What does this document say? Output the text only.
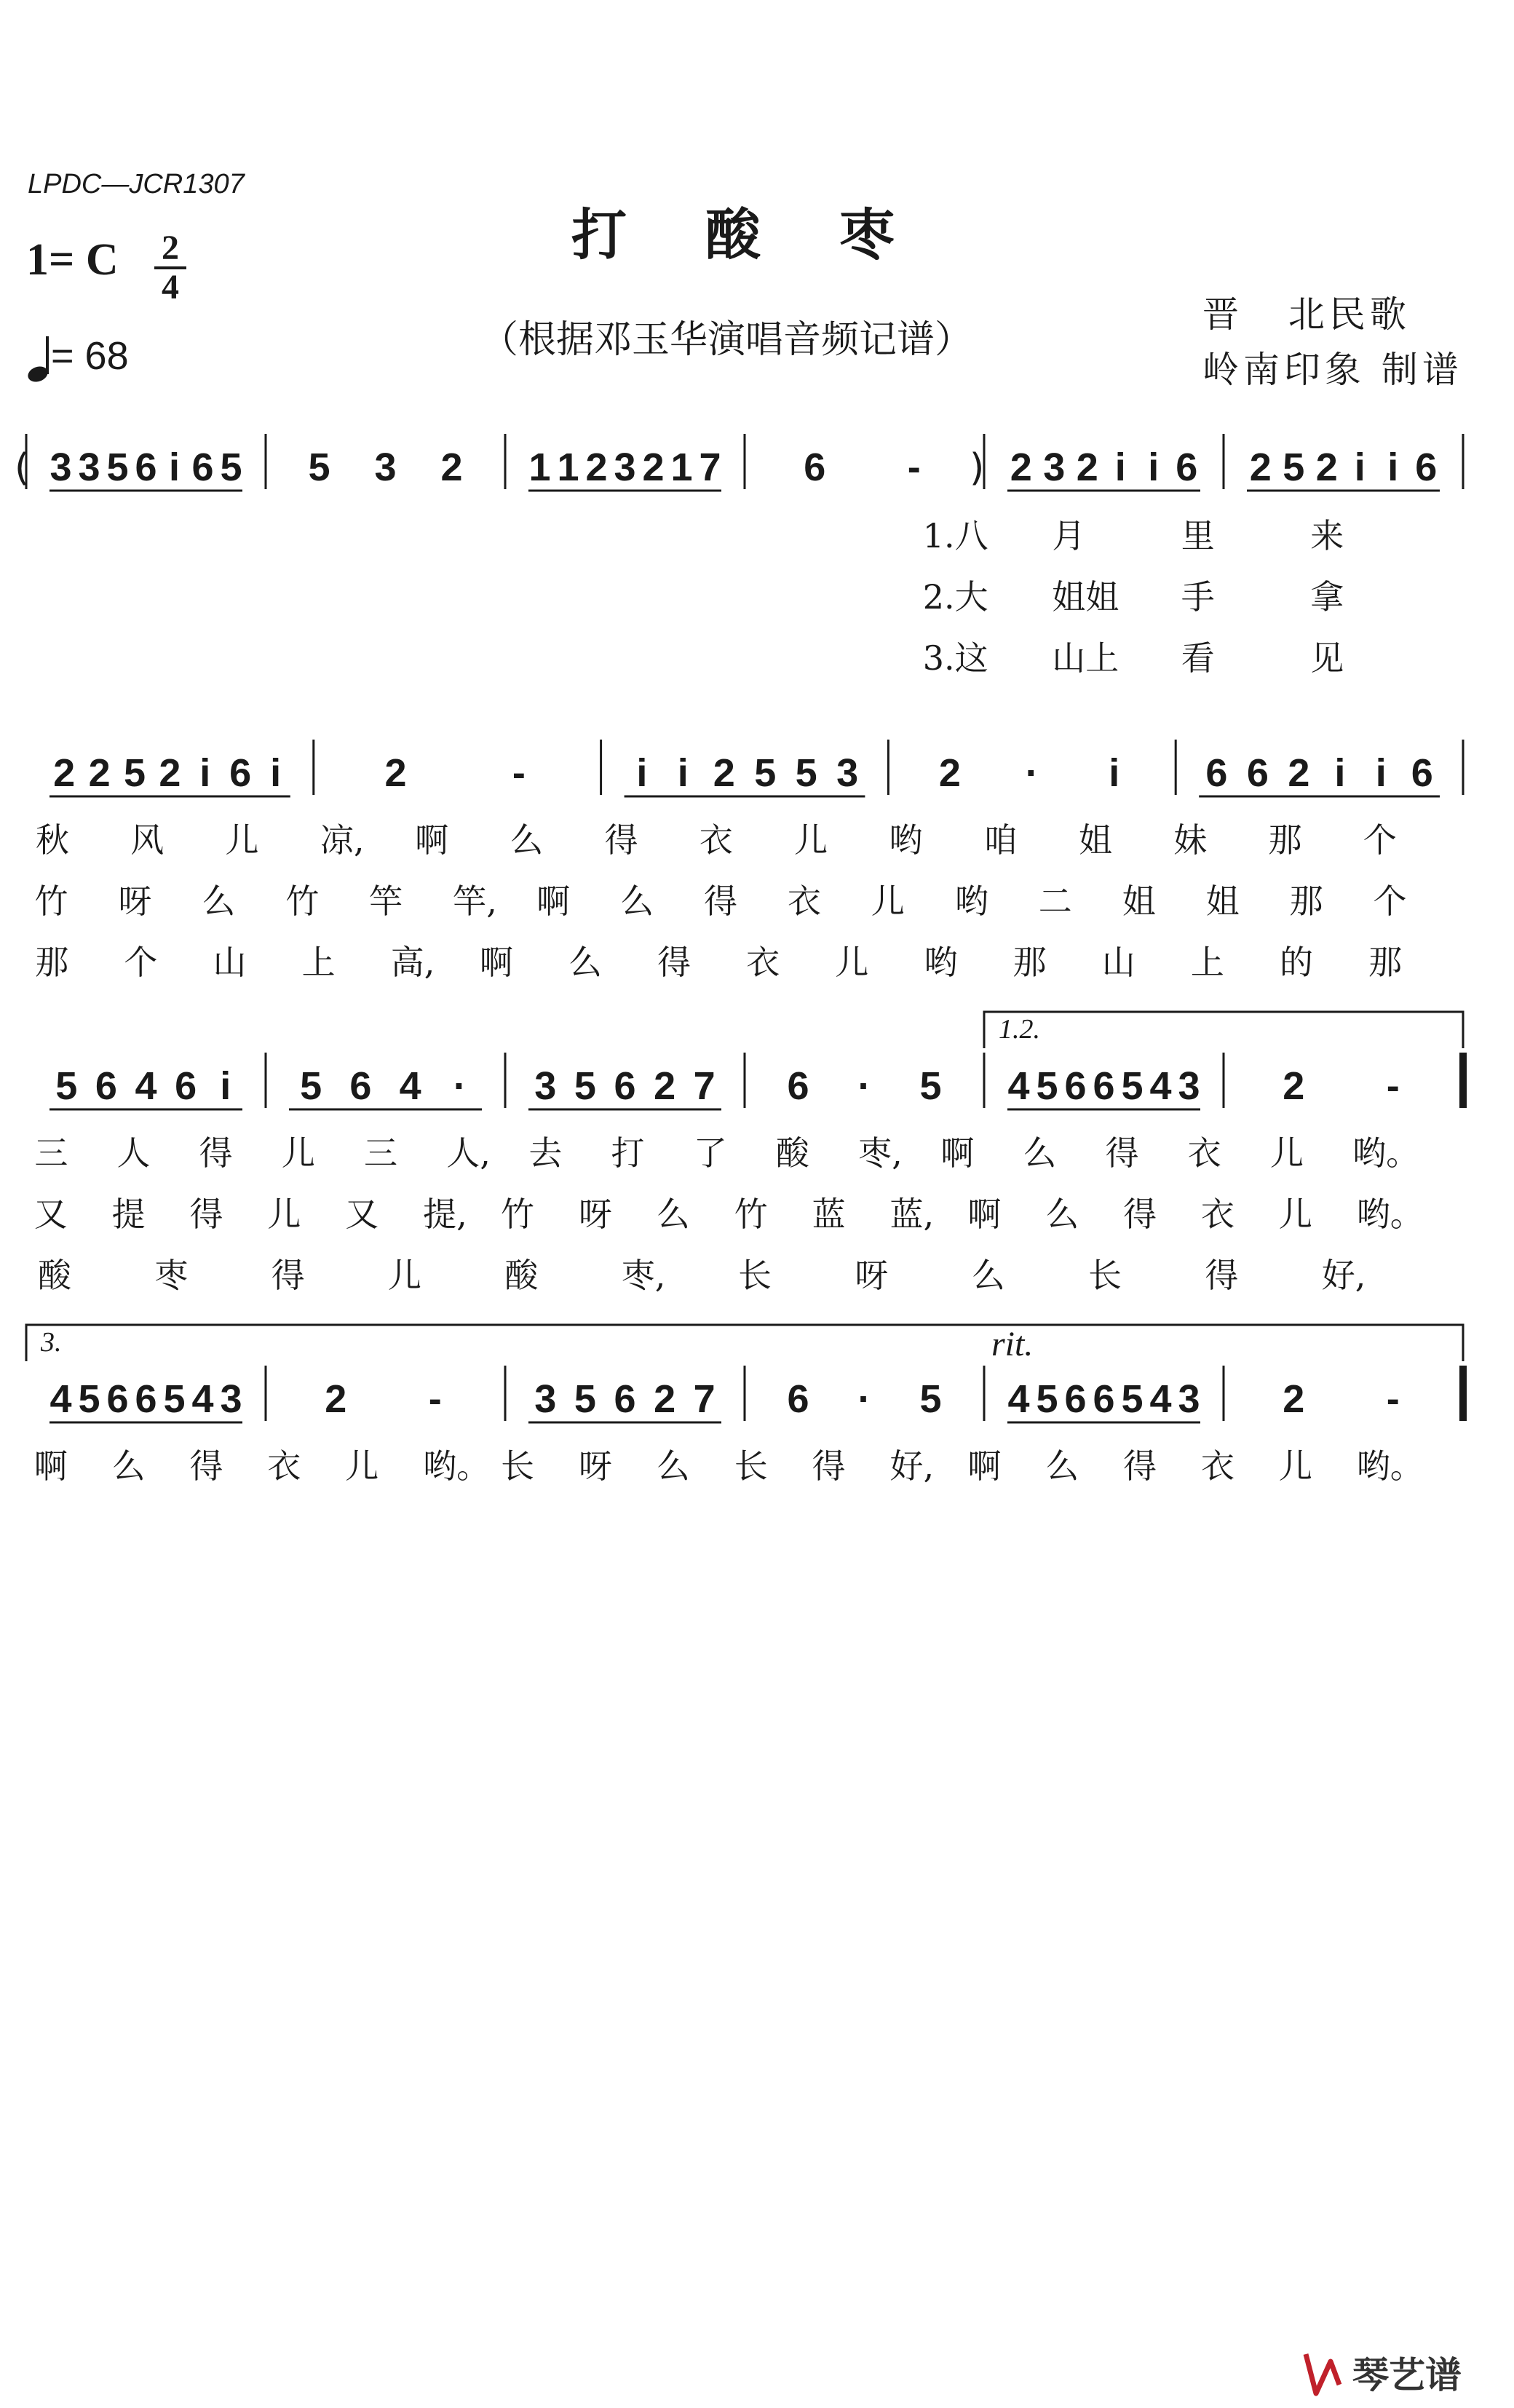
LPDC—JCR1307
打酸枣
1= C 2
4
= 68	（根据邓玉华演唱音频记谱）
晋 北民歌
岭南印象 制谱
3 3 5 6 i 6 5 5 3 2 1 1 2 3 2 1 7 6 - 2 3 2 i i 6 2 5 2 i i 6
(	)
1.八 月	里	来
2.大 姐姐 手	拿
3.这 山上 看	见
2 2 5 2 i 6 i	2	-	i i 2 5 5 3 2 · i 6 6 2 i i 6
秋 风 儿 凉, 啊 么 得 衣 儿 哟 咱 姐 妹 那 个
竹 呀 么 竹 竿 竿, 啊 么 得 衣 儿 哟 二 姐 姐 那 个
那 个 山 上 高, 啊 么 得 衣 儿 哟 那 山 上 的 那
5 6 4 6 i 5 6 4 · 3 5 6 2 7 6 · 5 4 5 6 6 5 4 3 2 -
1.2.
三 人 得 儿 三 人, 去 打 了 酸 枣, 啊 么 得 衣 儿 哟。
又 提 得 儿 又 提, 竹 呀 么 竹 蓝 蓝, 啊 么 得 衣 儿 哟。
酸 枣 得 儿 酸 枣, 长 呀 么 长 得 好,
4 5 6 6 5 4 3 2 - 3 5 6 2 7 6 · 5 4 5 6 6 5 4 3 2 -
3.	rit.
啊 么 得 衣 儿 哟。 长 呀 么 长 得 好, 啊 么 得 衣 儿 哟。
琴艺谱
